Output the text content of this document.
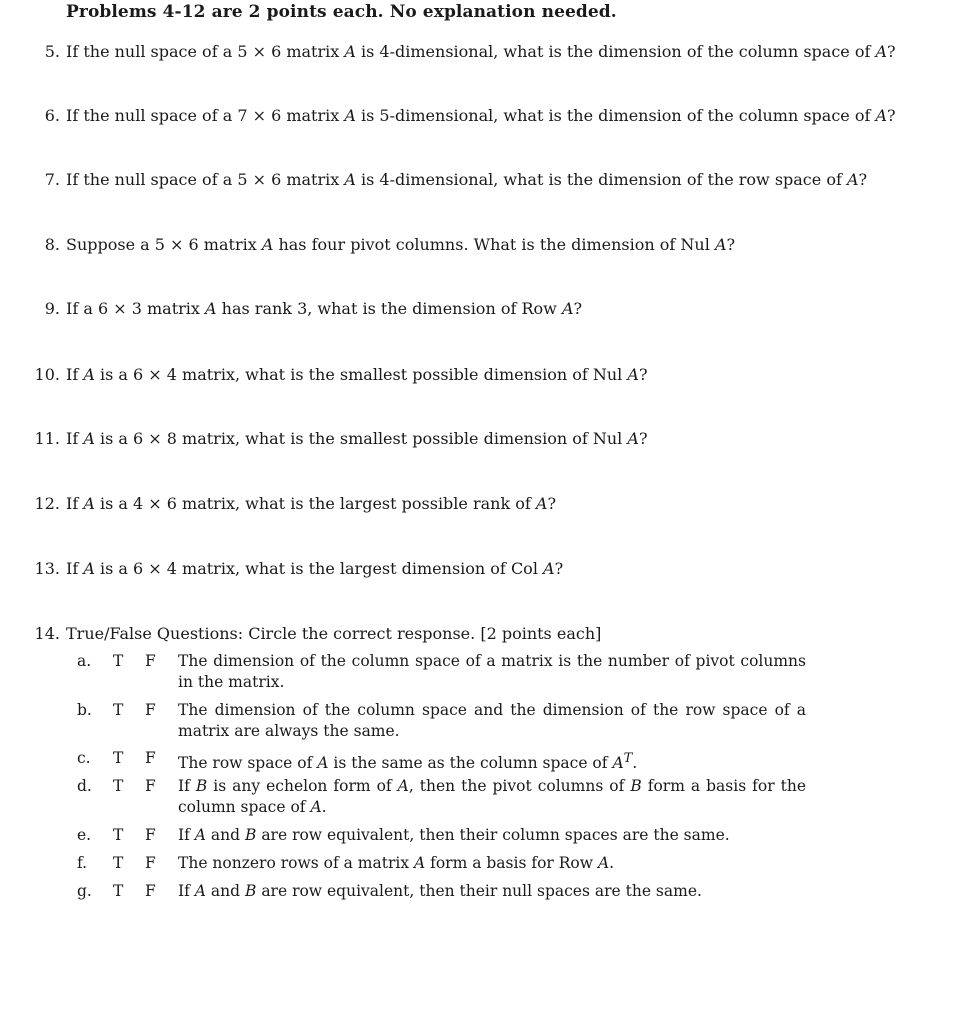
Problems 4-12 are 2 points each. No explanation needed.
5. If the null space of a 5 × 6 matrix A is 4-dimensional, what is the dimension of the column space of A?
6. If the null space of a 7 × 6 matrix A is 5-dimensional, what is the dimension of the column space of A?
7. If the null space of a 5 × 6 matrix A is 4-dimensional, what is the dimension of the row space of A?
8. Suppose a 5 × 6 matrix A has four pivot columns. What is the dimension of Nul A?
9. If a 6 × 3 matrix A has rank 3, what is the dimension of Row A?
10. If A is a 6 × 4 matrix, what is the smallest possible dimension of Nul A?
11. If A is a 6 × 8 matrix, what is the smallest possible dimension of Nul A?
12. If A is a 4 × 6 matrix, what is the largest possible rank of A?
13. If A is a 6 × 4 matrix, what is the largest dimension of Col A?
14. True/False Questions: Circle the correct response. [2 points each]
a. T F The dimension of the column space of a matrix is the number of pivot columns in the matrix.
b. T F The dimension of the column space and the dimension of the row space of a matrix are always the same.
c. T F The row space of A is the same as the column space of $A^T$.
d. T F If B is any echelon form of A, then the pivot columns of B form a basis for the column space of A.
e. T F If A and B are row equivalent, then their column spaces are the same.
f. T F The nonzero rows of a matrix A form a basis for Row A.
g. T F If A and B are row equivalent, then their null spaces are the same.
